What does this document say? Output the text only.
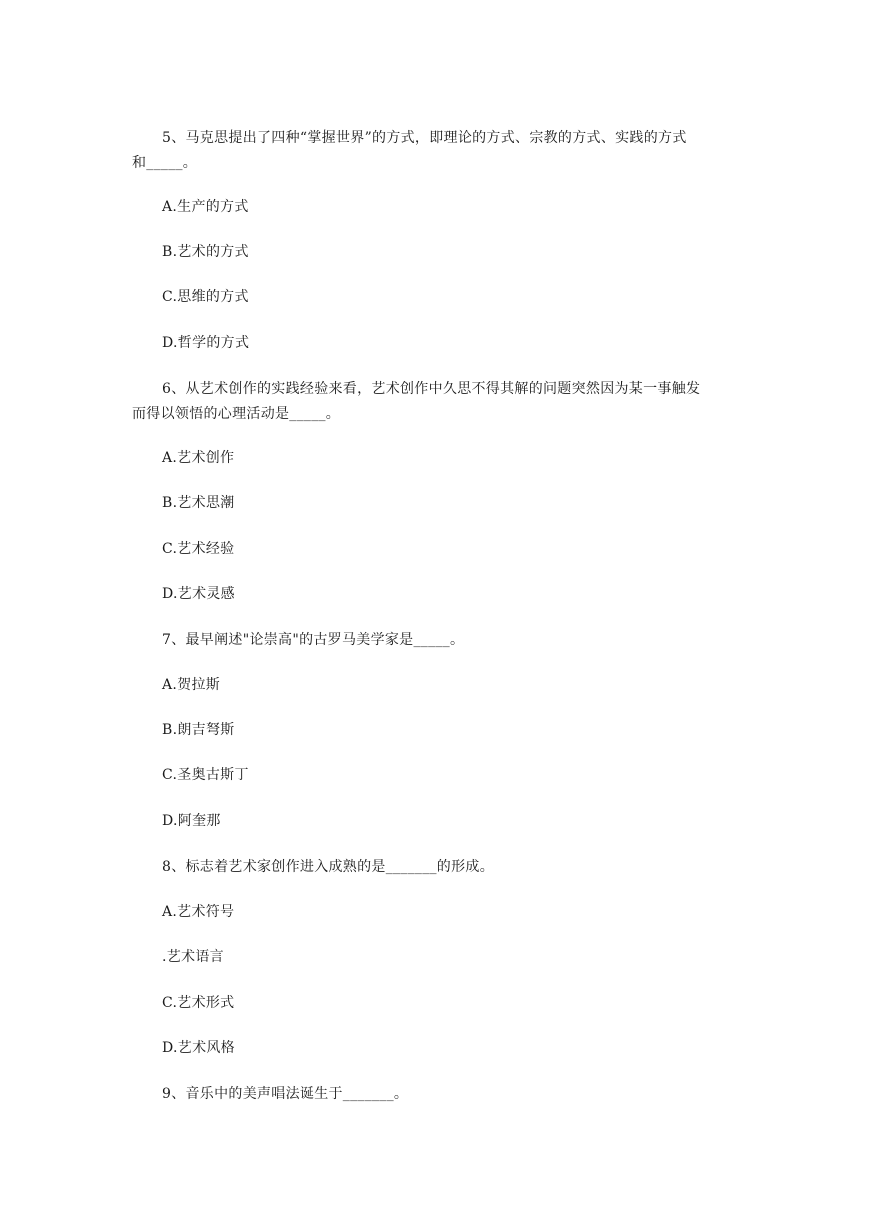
5、马克思提出了四种“掌握世界”的方式，即理论的方式、宗教的方式、实践的方式
和_____。
A.生产的方式
B.艺术的方式
C.思维的方式
D.哲学的方式
6、从艺术创作的实践经验来看，艺术创作中久思不得其解的问题突然因为某一事触发
而得以领悟的心理活动是_____。
A.艺术创作
B.艺术思潮
C.艺术经验
D.艺术灵感
7、最早阐述"论崇高"的古罗马美学家是_____。
A.贺拉斯
B.朗吉弩斯
C.圣奥古斯丁
D.阿奎那
8、标志着艺术家创作进入成熟的是_______的形成。
A.艺术符号
.艺术语言
C.艺术形式
D.艺术风格
9、音乐中的美声唱法诞生于_______。
